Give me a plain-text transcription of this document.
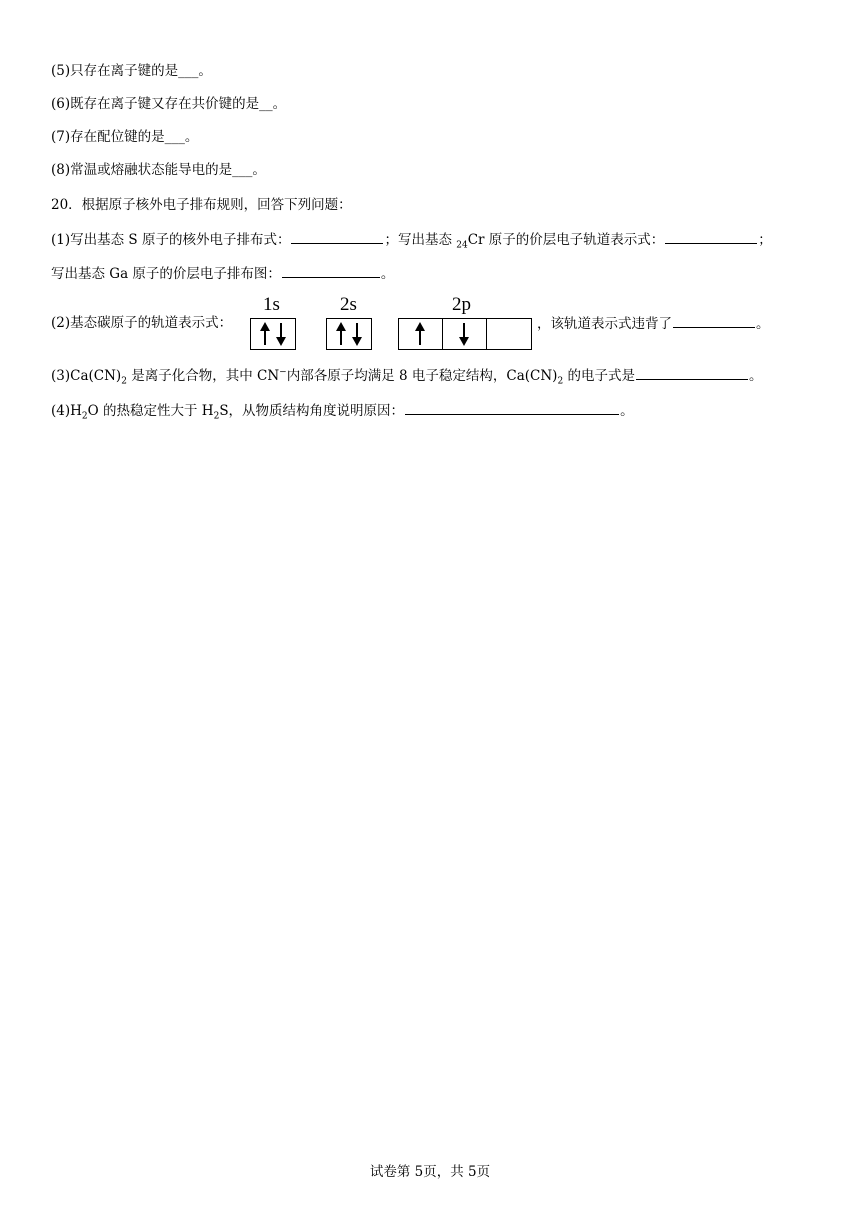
(5)只存在离子键的是___。
(6)既存在离子键又存在共价键的是__。
(7)存在配位键的是___。
(8)常温或熔融状态能导电的是___。
20．根据原子核外电子排布规则，回答下列问题：
(1)写出基态 S 原子的核外电子排布式：	；写出基态 $_{24}$Cr 原子的价层电子轨道表示式：	；
写出基态 Ga 原子的价层电子排布图：	。
(2)基态碳原子的轨道表示式：	，该轨道表示式违背了	。
1s	2s	2p
$(3)Ca(CN)_2$ 是离子化合物，其中 CN−内部各原子均满足 8 电子稳定结构，$Ca(CN)_2$ 的电子式是	。
$(4)H_2O$ 的热稳定性大于 $H_2S$，从物质结构角度说明原因：	。
试卷第 5页，共 5页
